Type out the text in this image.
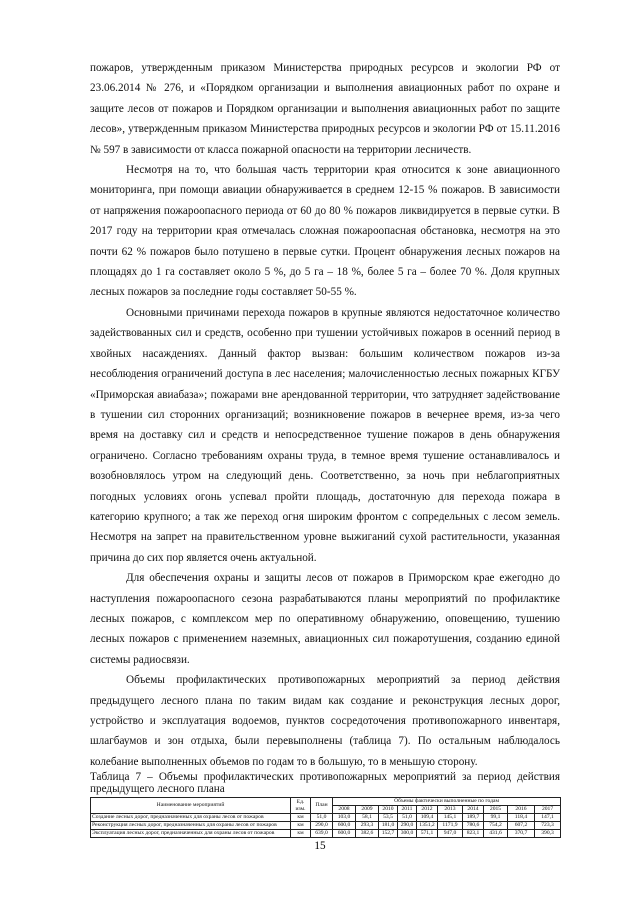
пожаров, утвержденным приказом Министерства природных ресурсов и экологии РФ от 23.06.2014 № 276, и «Порядком организации и выполнения авиационных работ по охране и защите лесов от пожаров и Порядком организации и выполнения авиационных работ по защите лесов», утвержденным приказом Министерства природных ресурсов и экологии РФ от 15.11.2016 № 597 в зависимости от класса пожарной опасности на территории лесничеств.

Несмотря на то, что большая часть территории края относится к зоне авиационного мониторинга, при помощи авиации обнаруживается в среднем 12-15 % пожаров. В зависимости от напряжения пожароопасного периода от 60 до 80 % пожаров ликвидируется в первые сутки. В 2017 году на территории края отмечалась сложная пожароопасная обстановка, несмотря на это почти 62 % пожаров было потушено в первые сутки. Процент обнаружения лесных пожаров на площадях до 1 га составляет около 5 %, до 5 га – 18 %, более 5 га – более 70 %. Доля крупных лесных пожаров за последние годы составляет 50-55 %.

Основными причинами перехода пожаров в крупные являются недостаточное количество задействованных сил и средств, особенно при тушении устойчивых пожаров в осенний период в хвойных насаждениях. Данный фактор вызван: большим количеством пожаров из-за несоблюдения ограничений доступа в лес населения; малочисленностью лесных пожарных КГБУ «Приморская авиабаза»; пожарами вне арендованной территории, что затрудняет задействование в тушении сил сторонних организаций; возникновение пожаров в вечернее время, из-за чего время на доставку сил и средств и непосредственное тушение пожаров в день обнаружения ограничено. Согласно требованиям охраны труда, в темное время тушение останавливалось и возобновлялось утром на следующий день. Соответственно, за ночь при неблагоприятных погодных условиях огонь успевал пройти площадь, достаточную для перехода пожара в категорию крупного; а так же переход огня широким фронтом с сопредельных с лесом земель. Несмотря на запрет на правительственном уровне выжиганий сухой растительности, указанная причина до сих пор является очень актуальной.

Для обеспечения охраны и защиты лесов от пожаров в Приморском крае ежегодно до наступления пожароопасного сезона разрабатываются планы мероприятий по профилактике лесных пожаров, с комплексом мер по оперативному обнаружению, оповещению, тушению лесных пожаров с применением наземных, авиационных сил пожаротушения, созданию единой системы радиосвязи.

Объемы профилактических противопожарных мероприятий за период действия предыдущего лесного плана по таким видам как создание и реконструкция лесных дорог, устройство и эксплуатация водоемов, пунктов сосредоточения противопожарного инвентаря, шлагбаумов и зон отдыха, были перевыполнены (таблица 7). По остальным наблюдалось колебание выполненных объемов по годам то в большую, то в меньшую сторону.

Таблица 7 – Объемы профилактических противопожарных мероприятий за период действия предыдущего лесного плана

Наименование мероприятий	Ед. изм.	План	Объемы фактически выполненные по годам									
			2008	2009	2010	2011	2012	2013	2014	2015	2016	2017
Создание лесных дорог, предназначенных для охраны лесов от пожаров	км	51,0	103,0	58,1	53,5	51,0	109,4	145,1	189,7	99,1	118,4	147,1
Реконструкция лесных дорог, предназначенных для охраны лесов от пожаров	км	290,0	600,0	293,3	181,0	290,0	1351,2	1171,9	780,6	754,2	607,2	723,3
Эксплуатация лесных дорог, предназначенных для охраны лесов от пожаров	км	639,0	600,0	382,6	152,7	300,0	571,1	947,0	823,1	431,6	370,7	390,3
15
